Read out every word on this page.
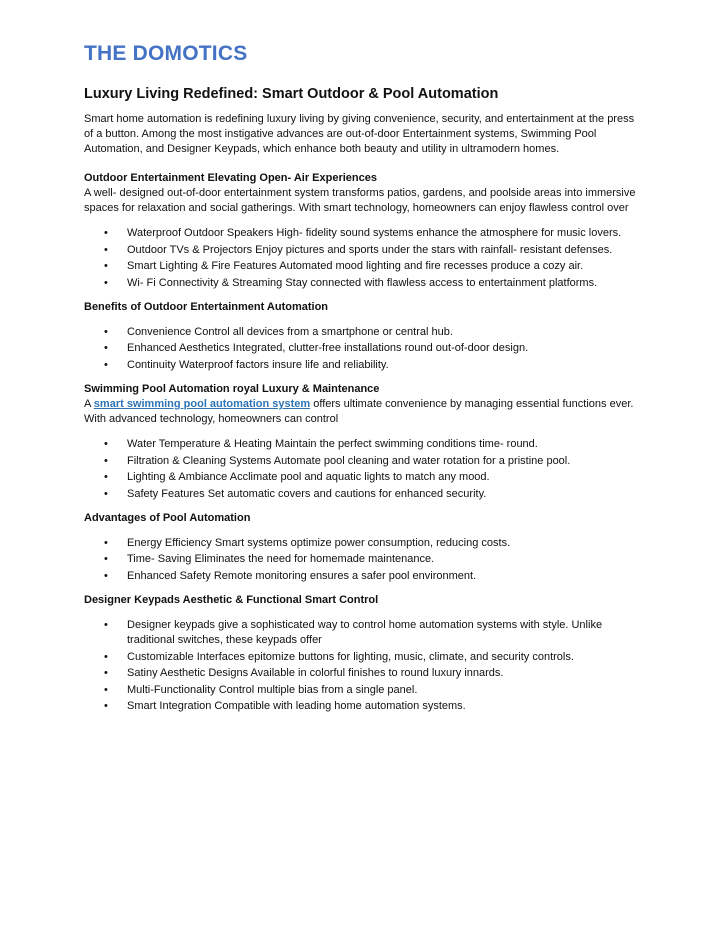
THE DOMOTICS
Luxury Living Redefined: Smart Outdoor & Pool Automation

Smart home automation is redefining luxury living by giving convenience, security, and entertainment at the press of a button. Among the most instigative advances are out-of-door Entertainment systems, Swimming Pool Automation, and Designer Keypads, which enhance both beauty and utility in ultramodern homes.

Outdoor Entertainment Elevating Open- Air Experiences

A well- designed out-of-door entertainment system transforms patios, gardens, and poolside areas into immersive spaces for relaxation and social gatherings. With smart technology, homeowners can enjoy flawless control over

• Waterproof Outdoor Speakers High- fidelity sound systems enhance the atmosphere for music lovers.
• Outdoor TVs & Projectors Enjoy pictures and sports under the stars with rainfall- resistant defenses.
• Smart Lighting & Fire Features Automated mood lighting and fire recesses produce a cozy air.
• Wi- Fi Connectivity & Streaming Stay connected with flawless access to entertainment platforms.
Benefits of Outdoor Entertainment Automation
• Convenience Control all devices from a smartphone or central hub.
• Enhanced Aesthetics Integrated, clutter-free installations round out-of-door design.
• Continuity Waterproof factors insure life and reliability.
Swimming Pool Automation royal Luxury & Maintenance

A smart swimming pool automation system offers ultimate convenience by managing essential functions ever. With advanced technology, homeowners can control

• Water Temperature & Heating Maintain the perfect swimming conditions time- round.
• Filtration & Cleaning Systems Automate pool cleaning and water rotation for a pristine pool.
• Lighting & Ambiance Acclimate pool and aquatic lights to match any mood.
• Safety Features Set automatic covers and cautions for enhanced security.
Advantages of Pool Automation
• Energy Efficiency Smart systems optimize power consumption, reducing costs.
• Time- Saving Eliminates the need for homemade maintenance.
• Enhanced Safety Remote monitoring ensures a safer pool environment.
Designer Keypads Aesthetic & Functional Smart Control
• Designer keypads give a sophisticated way to control home automation systems with style. Unlike traditional switches, these keypads offer
• Customizable Interfaces epitomize buttons for lighting, music, climate, and security controls.
• Satiny Aesthetic Designs Available in colorful finishes to round luxury innards.
• Multi-Functionality Control multiple bias from a single panel.
• Smart Integration Compatible with leading home automation systems.
